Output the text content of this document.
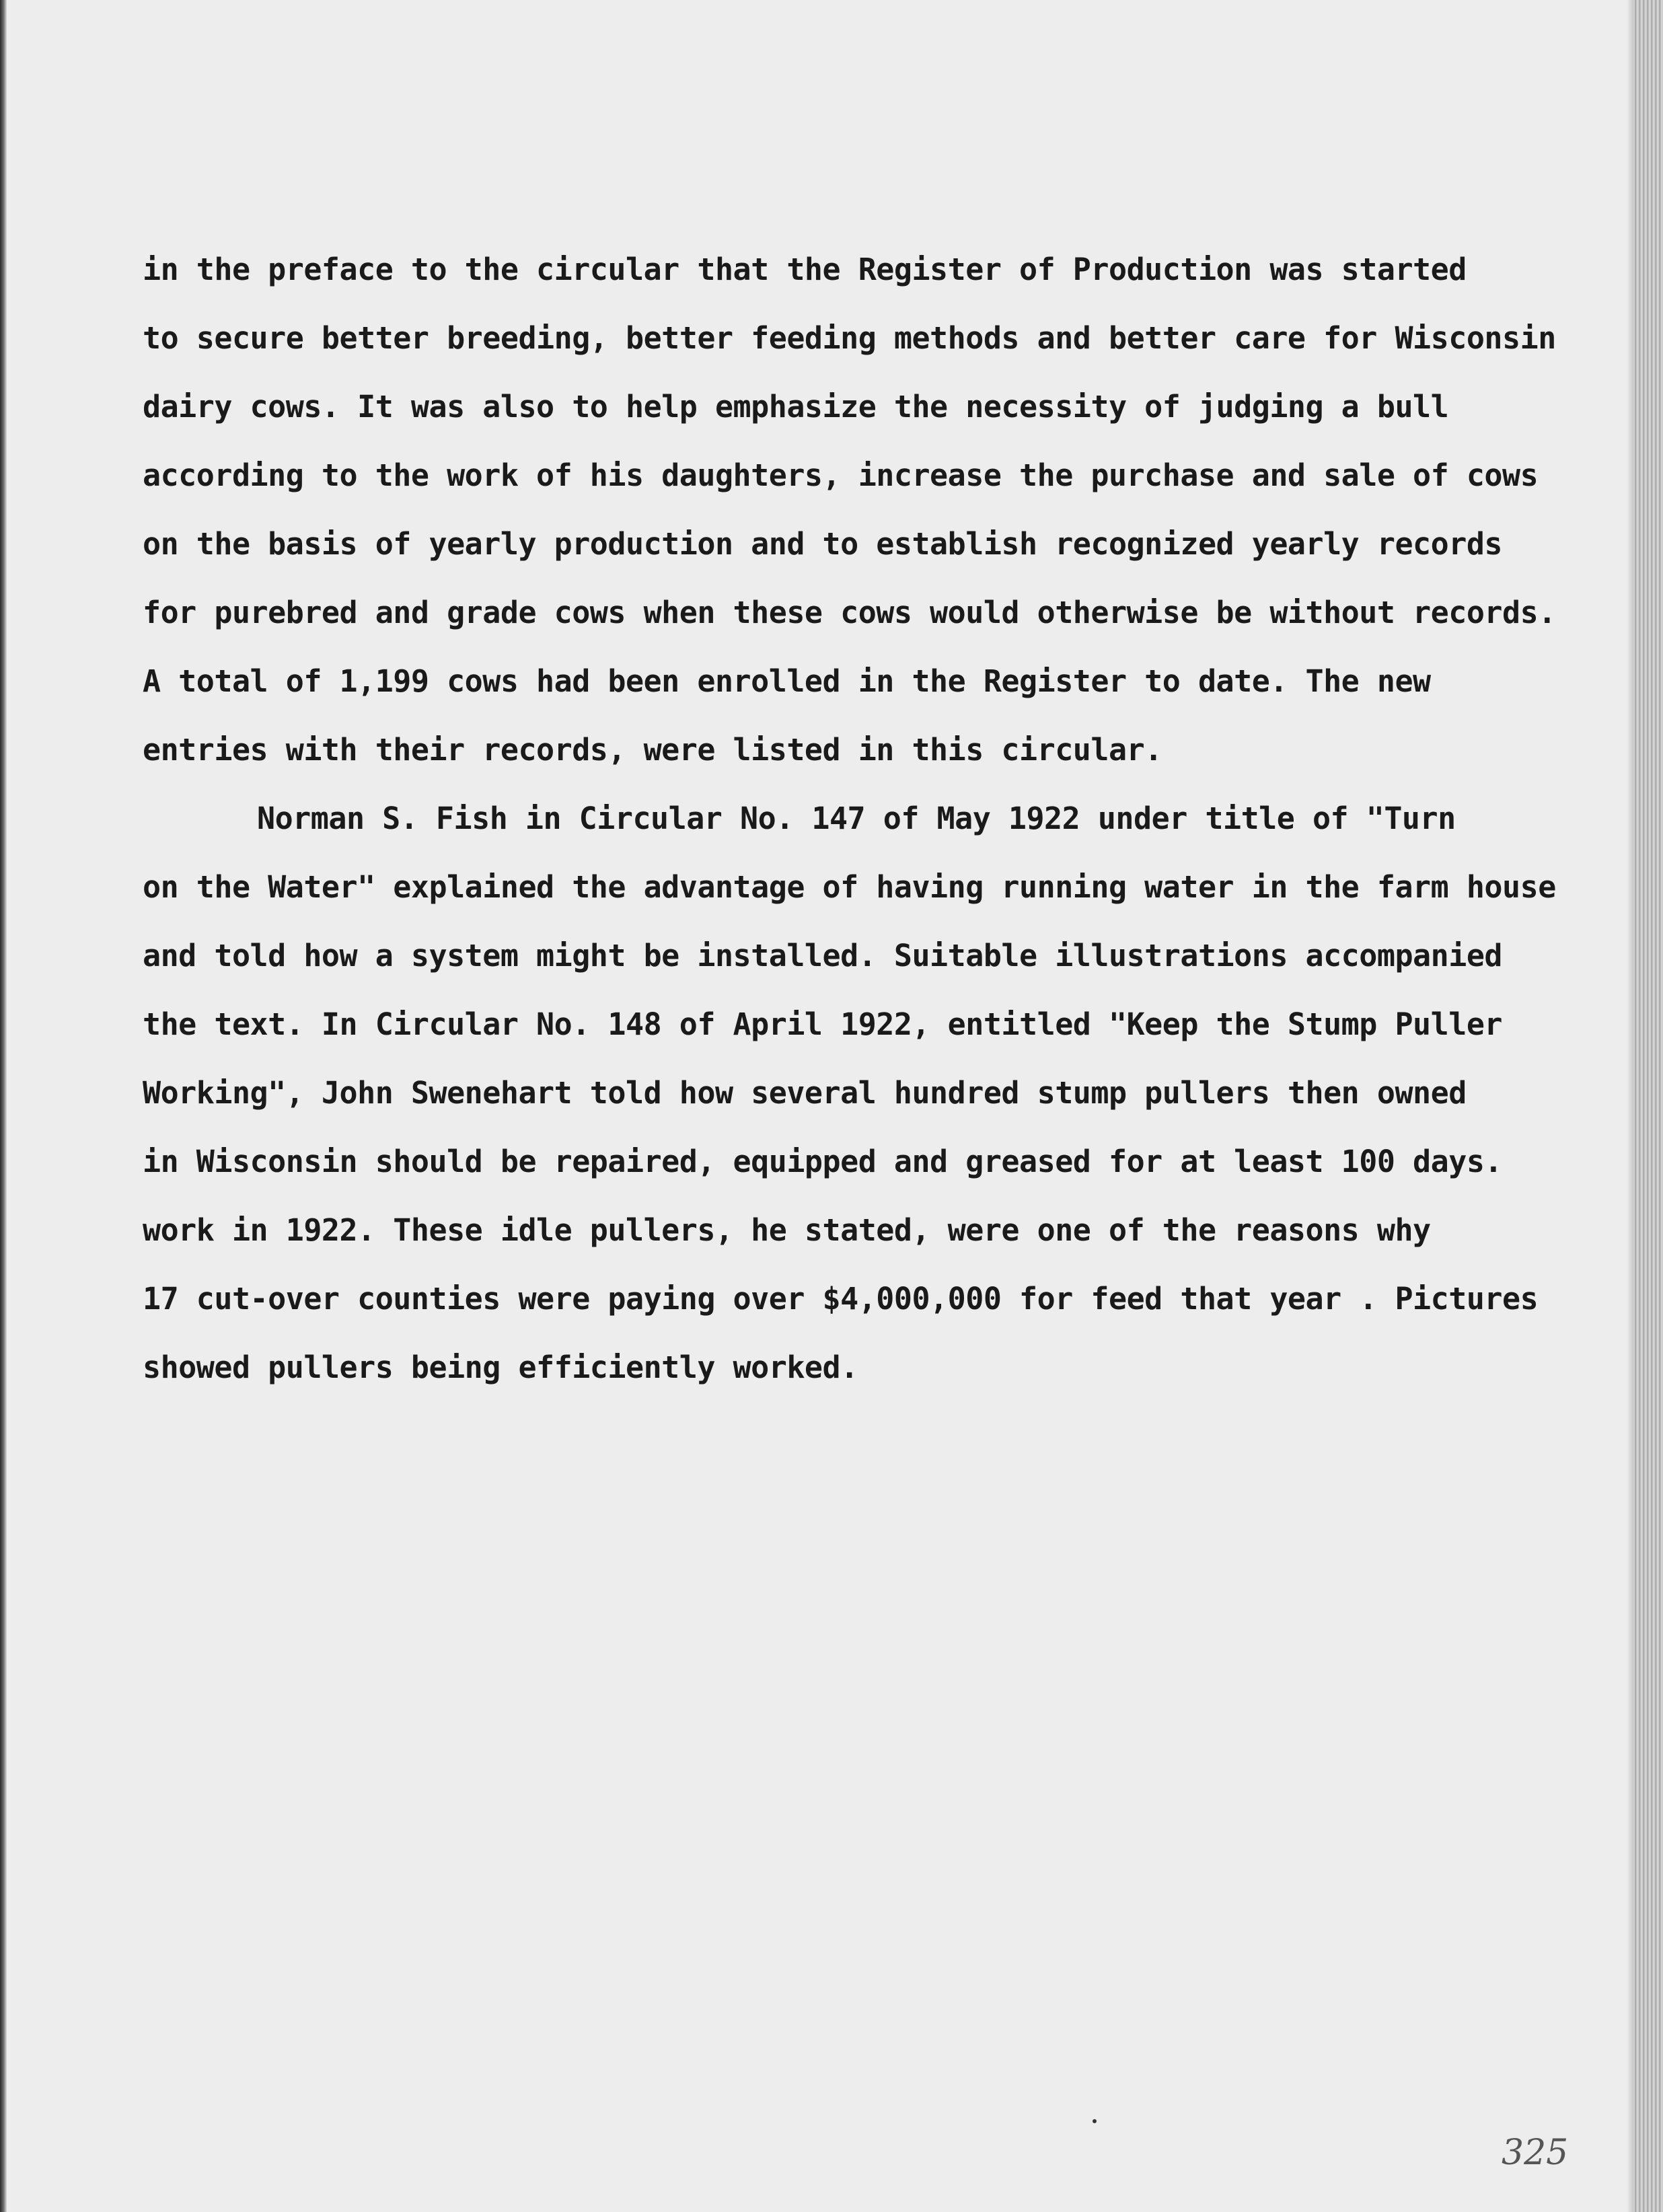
in the preface to the circular that the Register of Production was started
to secure better breeding, better feeding methods and better care for Wisconsin
dairy cows. It was also to help emphasize the necessity of judging a bull
according to the work of his daughters, increase the purchase and sale of cows
on the basis of yearly production and to establish recognized yearly records
for purebred and grade cows when these cows would otherwise be without records.
A total of 1,199 cows had been enrolled in the Register to date. The new
entries with their records, were listed in this circular.
Norman S. Fish in Circular No. 147 of May 1922 under title of "Turn
on the Water" explained the advantage of having running water in the farm house
and told how a system might be installed. Suitable illustrations accompanied
the text. In Circular No. 148 of April 1922, entitled "Keep the Stump Puller
Working", John Swenehart told how several hundred stump pullers then owned
in Wisconsin should be repaired, equipped and greased for at least 100 days.
work in 1922. These idle pullers, he stated, were one of the reasons why
17 cut-over counties were paying over $4,000,000 for feed that year . Pictures
showed pullers being efficiently worked.
325
